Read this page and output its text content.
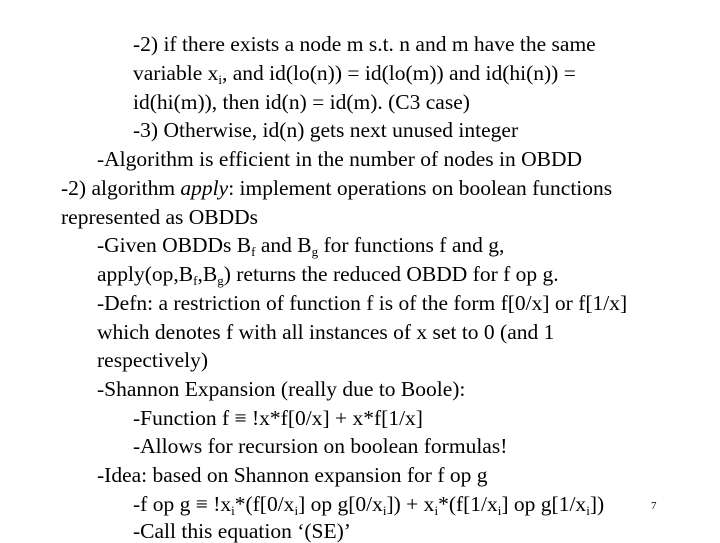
-2) if there exists a node m s.t. n and m have the same
variable $x_i$, and id(lo(n)) = id(lo(m)) and id(hi(n)) =
id(hi(m)), then id(n) = id(m). (C3 case)
-3) Otherwise, id(n) gets next unused integer
-Algorithm is efficient in the number of nodes in OBDD
-2) algorithm apply: implement operations on boolean functions
represented as OBDDs
-Given OBDDs $B_f$ and $B_g$ for functions f and g,
$apply(op,B_f,B_g)$ returns the reduced OBDD for f op g.
-Defn: a restriction of function f is of the form f[0/x] or f[1/x]
which denotes f with all instances of x set to 0 (and 1
respectively)
-Shannon Expansion (really due to Boole):
-Function f ≡ !x*f[0/x] + x*f[1/x]
-Allows for recursion on boolean formulas!
-Idea: based on Shannon expansion for f op g
-f op $g \equiv !x_i*(f[0/x_i]$ op $g[0/x_i]) + x_i*(f[1/x_i]$ op $g[1/x_i]$)
-Call this equation ‘(SE)’
7
